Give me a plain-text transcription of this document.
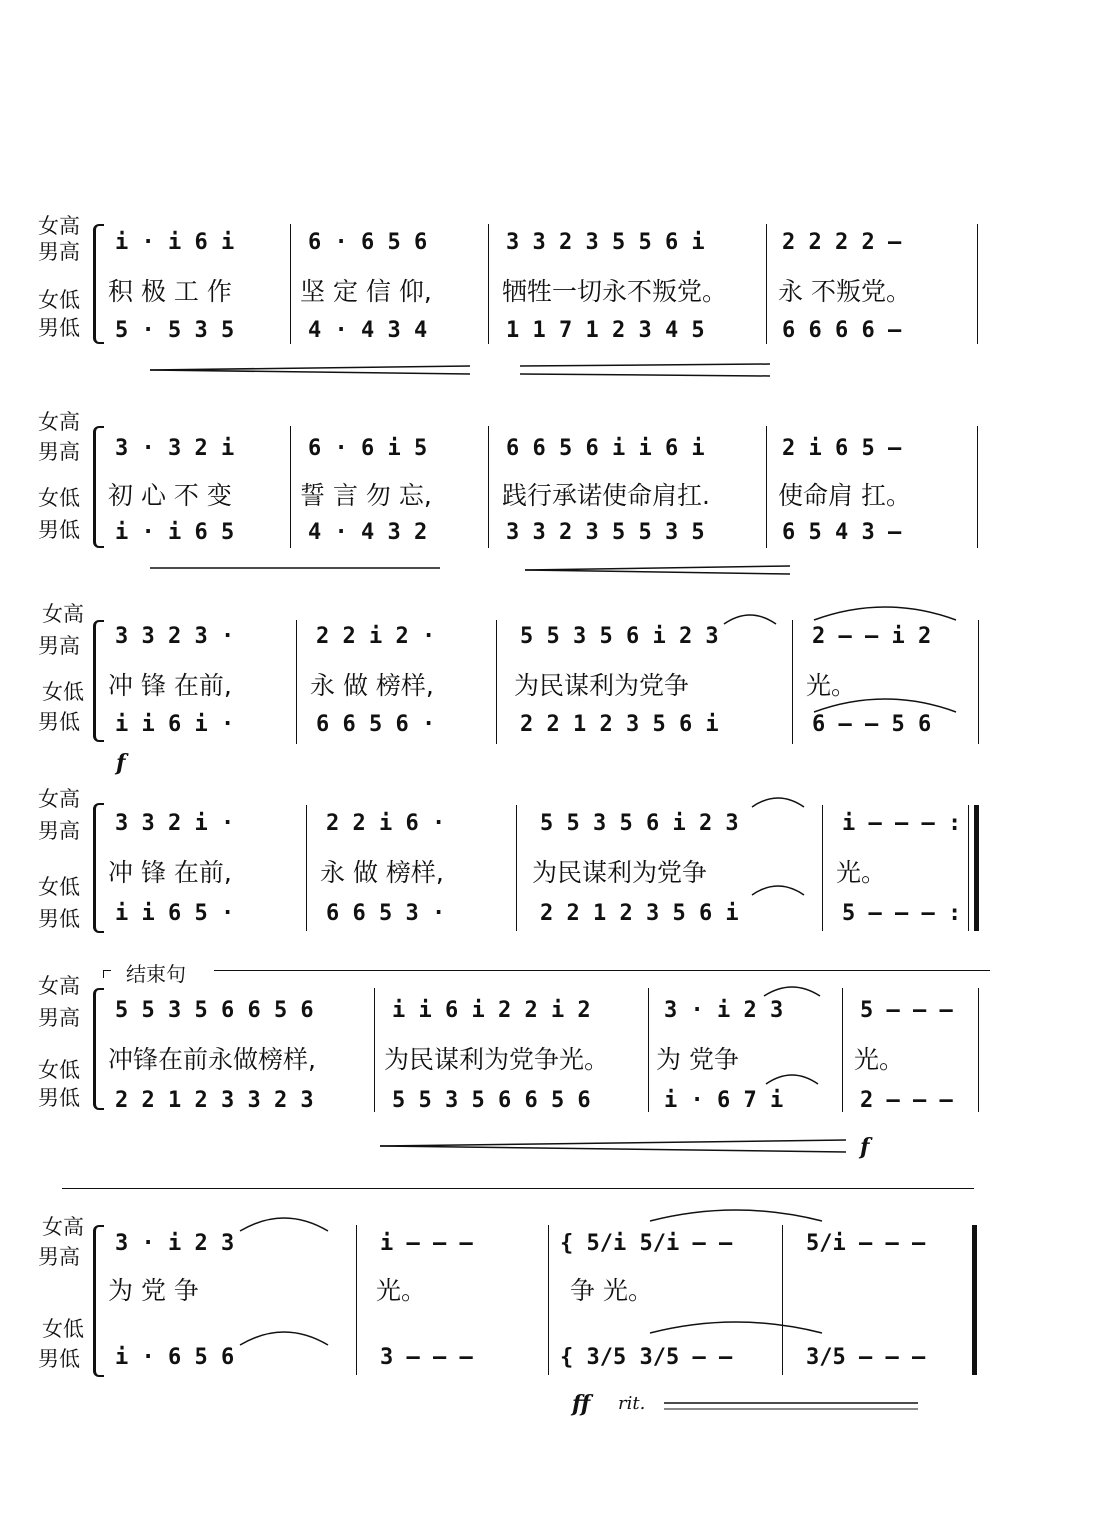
女高
男高
女低
男低
i · i 6 i	6 · 6 5 6	3 3 2 3 5 5 6 i	2 2 2 2 –
积 极 工 作	坚 定 信 仰,	牺牲一切永不叛党。 永 不叛党。
5 · 5 3 5	4 · 4 3 4	1 1 7 1 2 3 4 5	6 6 6 6 –
女高
男高
女低
男低
3 · 3 2 i	6 · 6 i 5	6 6 5 6 i i 6 i	2 i 6 5 –
初 心 不 变	誓 言 勿 忘,	践行承诺使命肩扛.	使命肩 扛。
i · i 6 5	4 · 4 3 2	3 3 2 3 5 5 3 5	6 5 4 3 –
女高
男高
女低
男低
3 3 2 3 ·	2 2 i 2 ·	5 5 3 5 6 i 2 3	2 – – i 2
冲 锋 在前,	永 做 榜样,	为民谋利为党争	光。
i i 6 i ·	6 6 5 6 ·	2 2 1 2 3 5 6 i	6 – – 5 6
f
女高
男高
女低
男低
3 3 2 i ·	2 2 i 6 ·	5 5 3 5 6 i 2 3	i – – – :
冲 锋 在前,	永 做 榜样,	为民谋利为党争	光。
i i 6 5 ·	6 6 5 3 ·	2 2 1 2 3 5 6 i	5 – – – :
结束句
女高
男高
女低
男低
5 5 3 5 6 6 5 6	i i 6 i 2 2 i 2	3 · i 2 3	5 – – –
冲锋在前永做榜样,	为民谋利为党争光。 为 党争	光。
2 2 1 2 3 3 2 3	5 5 3 5 6 6 5 6	i · 6 7 i	2 – – –
f
女高
男高
女低
男低
3 · i 2 3	i – – –	{ 5/i 5/i – –	5/i – – –
为 党 争	光。	争 光。
i · 6 5 6	3 – – –	{ 3/5 3/5 – –	3/5 – – –
ff rit.
